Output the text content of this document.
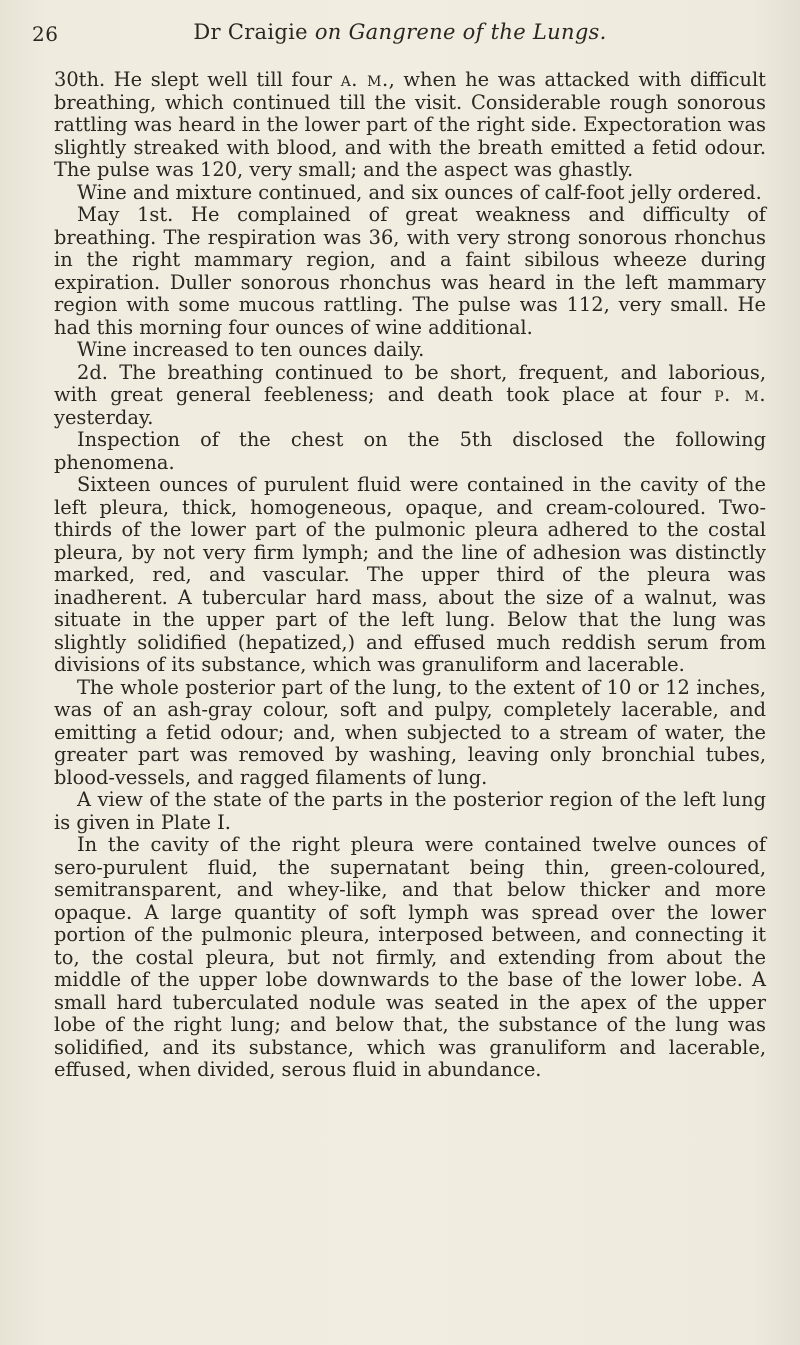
26	Dr Craigie on Gangrene of the Lungs.

30th. He slept well till four a. m., when he was attacked with difficult breathing, which continued till the visit. Considerable rough sonorous rattling was heard in the lower part of the right side. Expectoration was slightly streaked with blood, and with the breath emitted a fetid odour. The pulse was 120, very small; and the aspect was ghastly.

Wine and mixture continued, and six ounces of calf-foot jelly ordered.

May 1st. He complained of great weakness and difficulty of breathing. The respiration was 36, with very strong sonorous rhonchus in the right mammary region, and a faint sibilous wheeze during expiration. Duller sonorous rhonchus was heard in the left mammary region with some mucous rattling. The pulse was 112, very small. He had this morning four ounces of wine additional.

Wine increased to ten ounces daily.

2d. The breathing continued to be short, frequent, and laborious, with great general feebleness; and death took place at four p. m. yesterday.

Inspection of the chest on the 5th disclosed the following phenomena.

Sixteen ounces of purulent fluid were contained in the cavity of the left pleura, thick, homogeneous, opaque, and cream-coloured. Two-thirds of the lower part of the pulmonic pleura adhered to the costal pleura, by not very firm lymph; and the line of adhesion was distinctly marked, red, and vascular. The upper third of the pleura was inadherent. A tubercular hard mass, about the size of a walnut, was situate in the upper part of the left lung. Below that the lung was slightly solidified (hepatized,) and effused much reddish serum from divisions of its substance, which was granuliform and lacerable.

The whole posterior part of the lung, to the extent of 10 or 12 inches, was of an ash-gray colour, soft and pulpy, completely lacerable, and emitting a fetid odour; and, when subjected to a stream of water, the greater part was removed by washing, leaving only bronchial tubes, blood-vessels, and ragged filaments of lung.

A view of the state of the parts in the posterior region of the left lung is given in Plate I.

In the cavity of the right pleura were contained twelve ounces of sero-purulent fluid, the supernatant being thin, green-coloured, semitransparent, and whey-like, and that below thicker and more opaque. A large quantity of soft lymph was spread over the lower portion of the pulmonic pleura, interposed between, and connecting it to, the costal pleura, but not firmly, and extending from about the middle of the upper lobe downwards to the base of the lower lobe. A small hard tuberculated nodule was seated in the apex of the upper lobe of the right lung; and below that, the substance of the lung was solidified, and its substance, which was granuliform and lacerable, effused, when divided, serous fluid in abundance.
